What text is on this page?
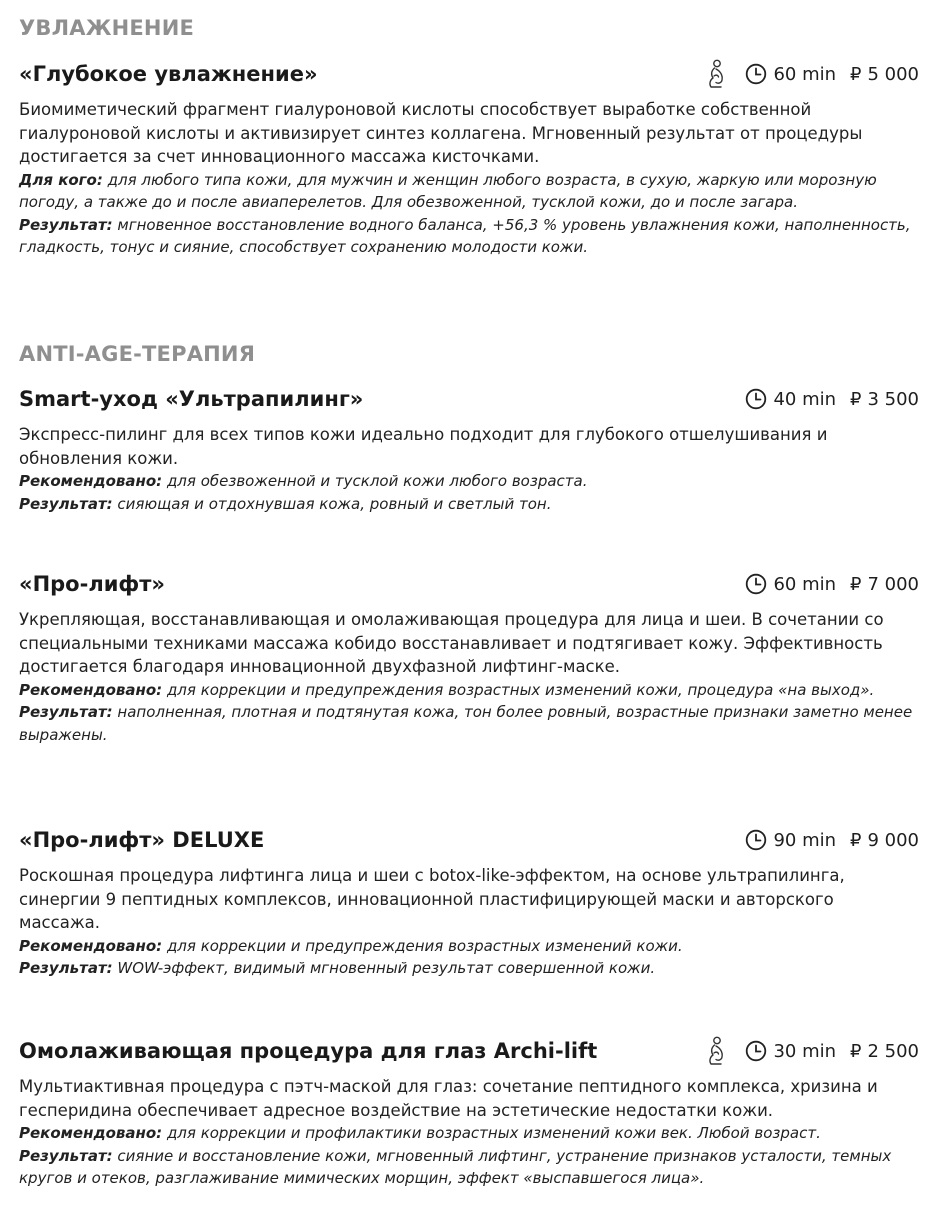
УВЛАЖНЕНИЕ
«Глубокое увлажнение»	60 min ₽ 5 000

Биомиметический фрагмент гиалуроновой кислоты способствует выработке собственной гиалуроновой кислоты и активизирует синтез коллагена. Мгновенный результат от процедуры достигается за счет инновационного массажа кисточками.

Для кого: для любого типа кожи, для мужчин и женщин любого возраста, в сухую, жаркую или морозную погоду, а также до и после авиаперелетов. Для обезвоженной, тусклой кожи, до и после загара.

Результат: мгновенное восстановление водного баланса, +56,3 % уровень увлажнения кожи, наполненность, гладкость, тонус и сияние, способствует сохранению молодости кожи.

ANTI-AGE-ТЕРАПИЯ
Smart-уход «Ультрапилинг»	40 min ₽ 3 500

Экспресс-пилинг для всех типов кожи идеально подходит для глубокого отшелушивания и обновления кожи.

Рекомендовано: для обезвоженной и тусклой кожи любого возраста.

Результат: сияющая и отдохнувшая кожа, ровный и светлый тон.

«Про-лифт»	60 min ₽ 7 000

Укрепляющая, восстанавливающая и омолаживающая процедура для лица и шеи. В сочетании со специальными техниками массажа кобидо восстанавливает и подтягивает кожу. Эффективность достигается благодаря инновационной двухфазной лифтинг-маске.

Рекомендовано: для коррекции и предупреждения возрастных изменений кожи, процедура «на выход».

Результат: наполненная, плотная и подтянутая кожа, тон более ровный, возрастные признаки заметно менее выражены.

«Про-лифт» DELUXE	90 min ₽ 9 000

Роскошная процедура лифтинга лица и шеи с botox-like-эффектом, на основе ультрапилинга, синергии 9 пептидных комплексов, инновационной пластифицирующей маски и авторского массажа.

Рекомендовано: для коррекции и предупреждения возрастных изменений кожи.

Результат: WOW-эффект, видимый мгновенный результат совершенной кожи.

Омолаживающая процедура для глаз Archi-lift	30 min ₽ 2 500

Мультиактивная процедура с пэтч-маской для глаз: сочетание пептидного комплекса, хризина и гесперидина обеспечивает адресное воздействие на эстетические недостатки кожи.

Рекомендовано: для коррекции и профилактики возрастных изменений кожи век. Любой возраст.

Результат: сияние и восстановление кожи, мгновенный лифтинг, устранение признаков усталости, темных кругов и отеков, разглаживание мимических морщин, эффект «выспавшегося лица».
